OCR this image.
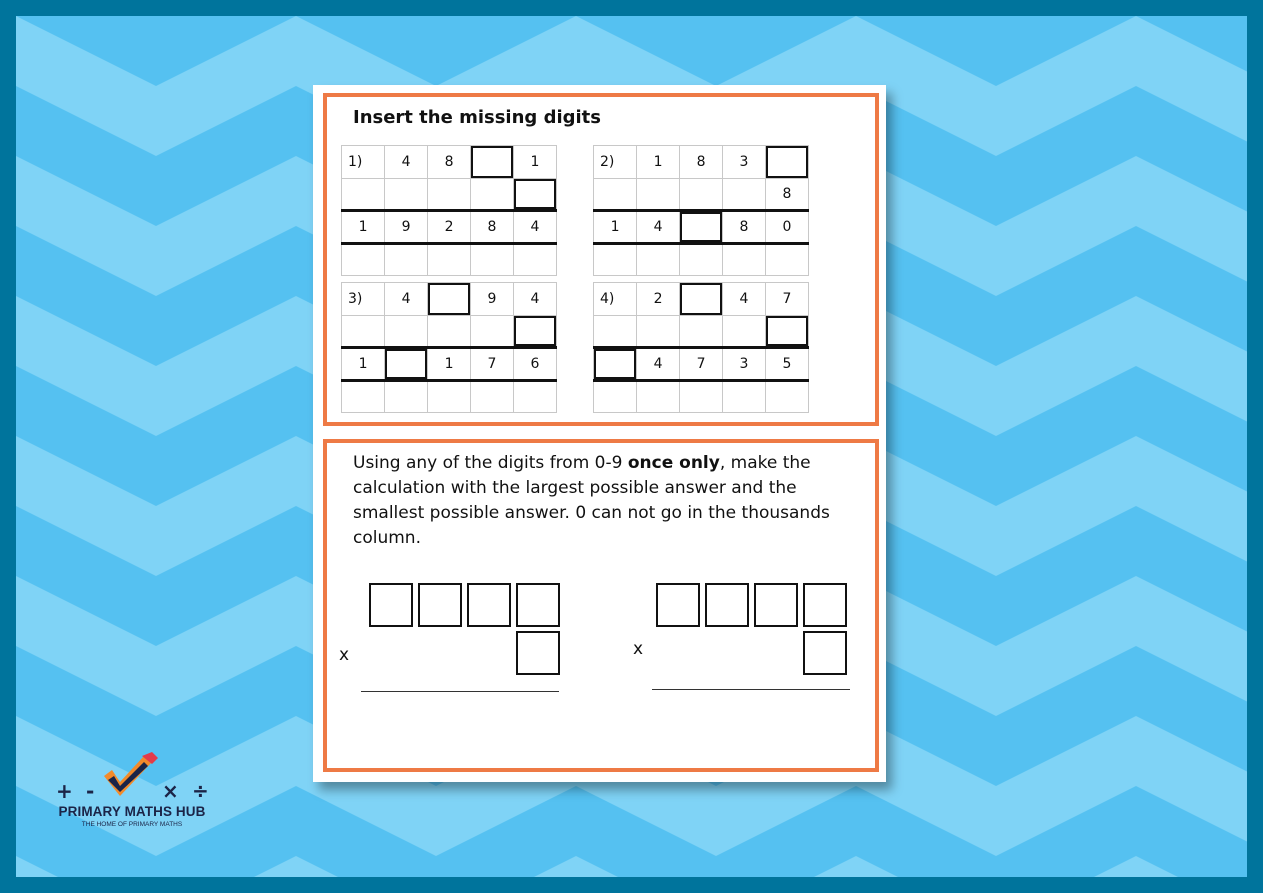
Insert the missing digits
1)	4	8		1

1	9	2	8	4

2)	1	8	3	
				8
1	4		8	0

3)	4		9	4

1		1	7	6

4)	2		4	7

	4	7	3	5

Using any of the digits from 0-9 once only, make the calculation with the largest possible answer and the smallest possible answer. 0 can not go in the thousands column.

x	x
+ -	× ÷
PRIMARY MATHS HUB
THE HOME OF PRIMARY MATHS
